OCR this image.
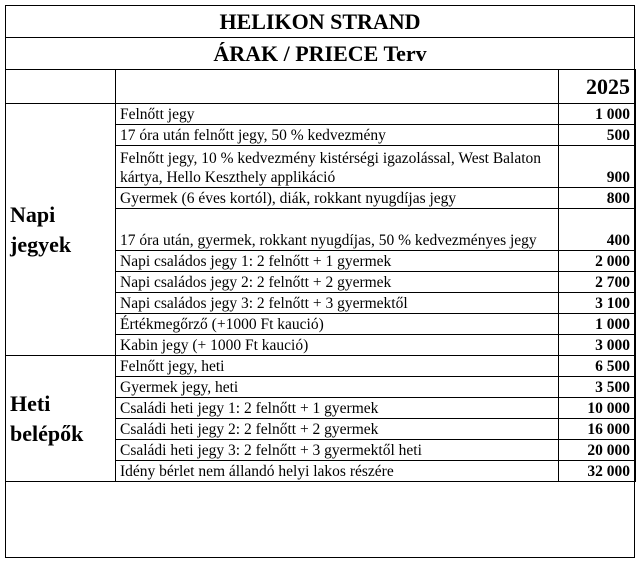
HELIKON STRAND
ÁRAK / PRIECE Terv
		2025
Napi jegyek	Felnőtt jegy	1 000
	17 óra után felnőtt jegy, 50 % kedvezmény	500
	Felnőtt jegy, 10 % kedvezmény kistérségi igazolással, West Balaton kártya, Hello Keszthely applikáció	900
	Gyermek (6 éves kortól), diák, rokkant nyugdíjas jegy	800
	17 óra után, gyermek, rokkant nyugdíjas, 50 % kedvezményes jegy	400
	Napi családos jegy 1: 2 felnőtt + 1 gyermek	2 000
	Napi családos jegy 2: 2 felnőtt + 2 gyermek	2 700
	Napi családos jegy 3: 2 felnőtt + 3 gyermektől	3 100
	Értékmegőrző (+1000 Ft kaució)	1 000
	Kabin jegy (+ 1000 Ft kaució)	3 000
Heti belépők	Felnőtt jegy, heti	6 500
	Gyermek jegy, heti	3 500
	Családi heti jegy 1: 2 felnőtt + 1 gyermek	10 000
	Családi heti jegy 2: 2 felnőtt + 2 gyermek	16 000
	Családi heti jegy 3: 2 felnőtt + 3 gyermektől heti	20 000
	Idény bérlet nem állandó helyi lakos részére	32 000
